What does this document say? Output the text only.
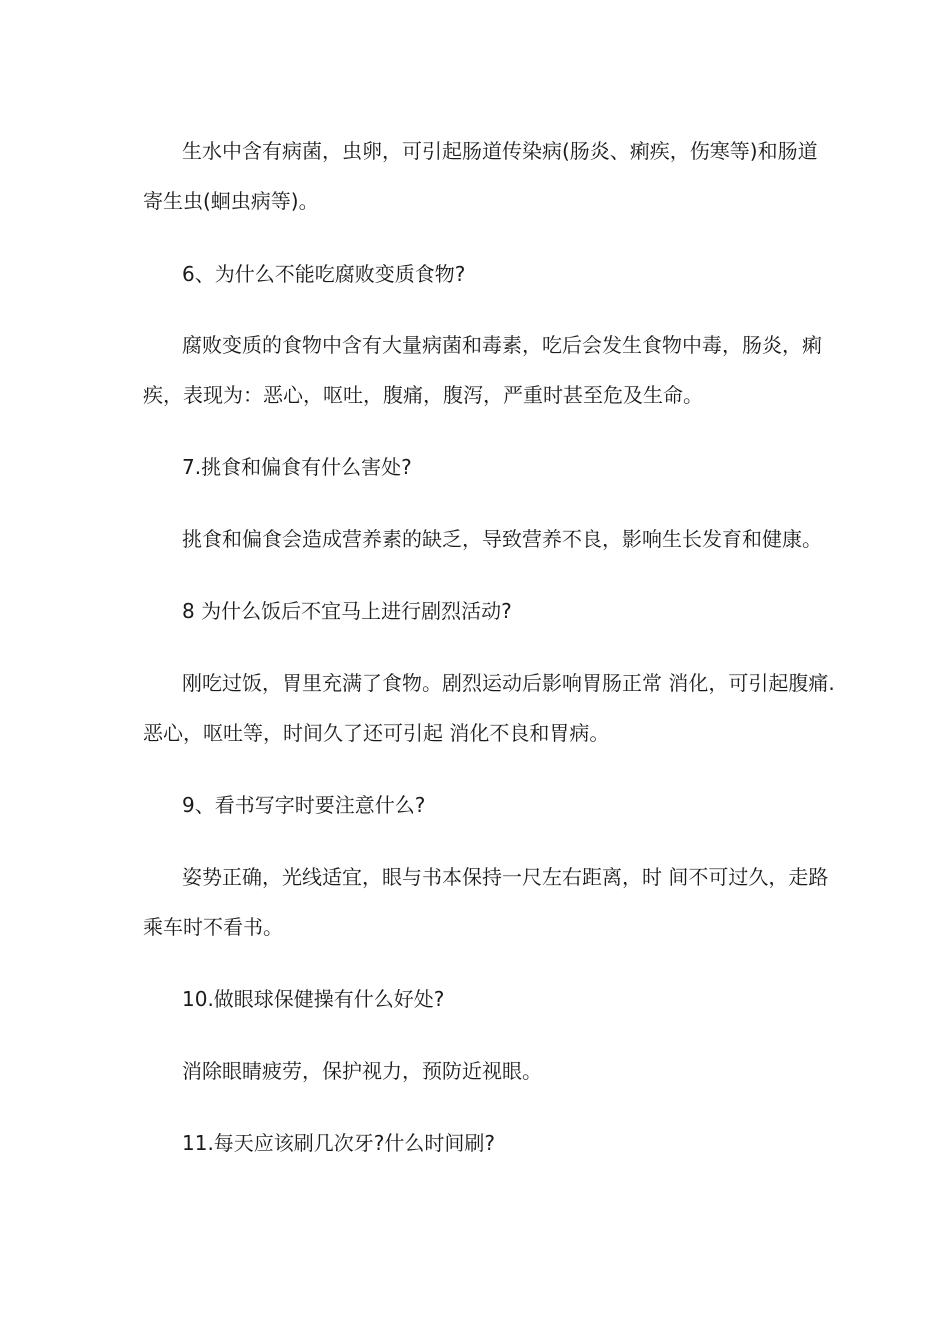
生水中含有病菌，虫卵，可引起肠道传染病(肠炎、痢疾，伤寒等)和肠道

寄生虫(蛔虫病等)。

6、为什么不能吃腐败变质食物?

腐败变质的食物中含有大量病菌和毒素，吃后会发生食物中毒，肠炎，痢

疾，表现为：恶心，呕吐，腹痛，腹泻，严重时甚至危及生命。

7.挑食和偏食有什么害处?

挑食和偏食会造成营养素的缺乏，导致营养不良，影响生长发育和健康。

8 为什么饭后不宜马上进行剧烈活动?

刚吃过饭，胃里充满了食物。剧烈运动后影响胃肠正常 消化，可引起腹痛.

恶心，呕吐等，时间久了还可引起 消化不良和胃病。

9、看书写字时要注意什么?

姿势正确，光线适宜，眼与书本保持一尺左右距离，时 间不可过久，走路

乘车时不看书。

10.做眼球保健操有什么好处?

消除眼睛疲劳，保护视力，预防近视眼。

11.每天应该刷几次牙?什么时间刷?
